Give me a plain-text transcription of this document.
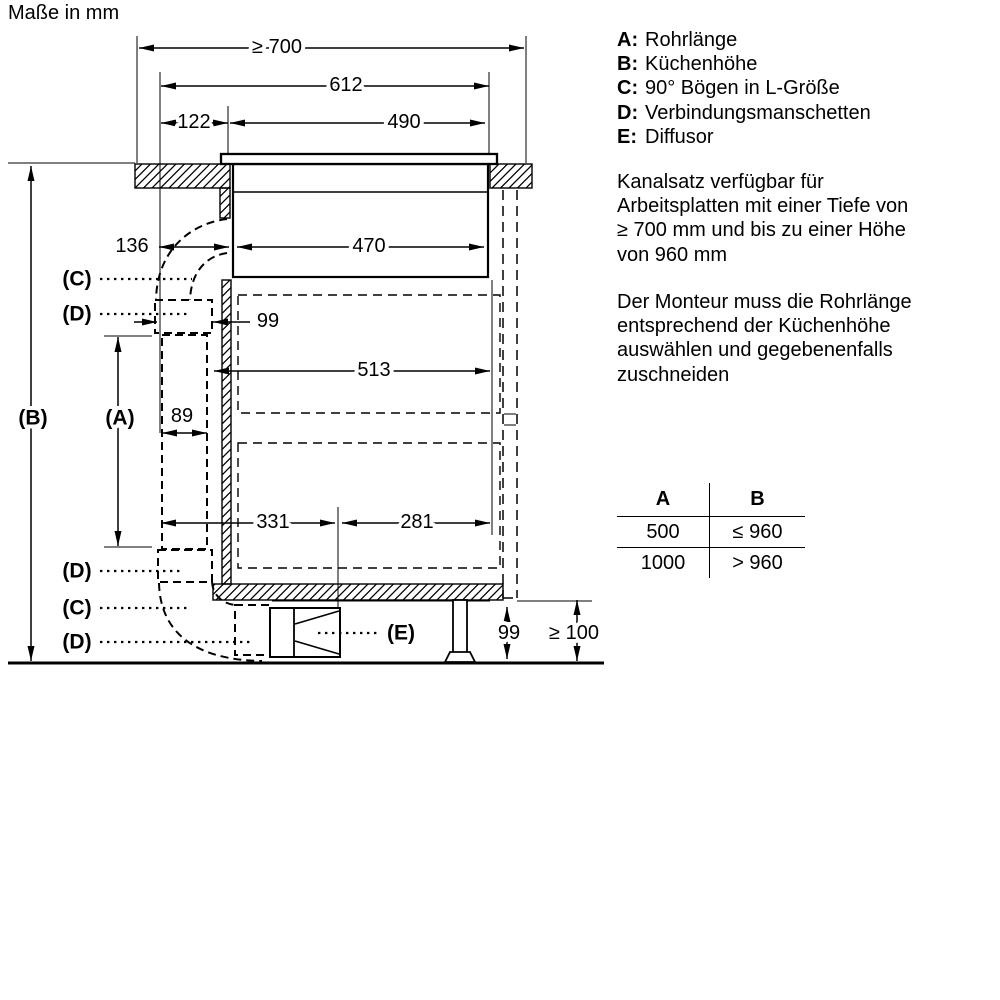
≥ 700
612
122	490
136	470
99
513
89
331	281
99 ≥ 100
(B)	(A)
(C)
(D)
(D)
(C)
(D)	(E)
Maße in mm
A: Rohrlänge
B: Küchenhöhe
C: 90° Bögen in L-Größe
D: Verbindungsmanschetten
E: Diffusor
Kanalsatz verfügbar für
Arbeitsplatten mit einer Tiefe von
≥ 700 mm und bis zu einer Höhe
von 960 mm
Der Monteur muss die Rohrlänge
entsprechend der Küchenhöhe
auswählen und gegebenenfalls
zuschneiden
A	B
500	≤ 960
1000	> 960
